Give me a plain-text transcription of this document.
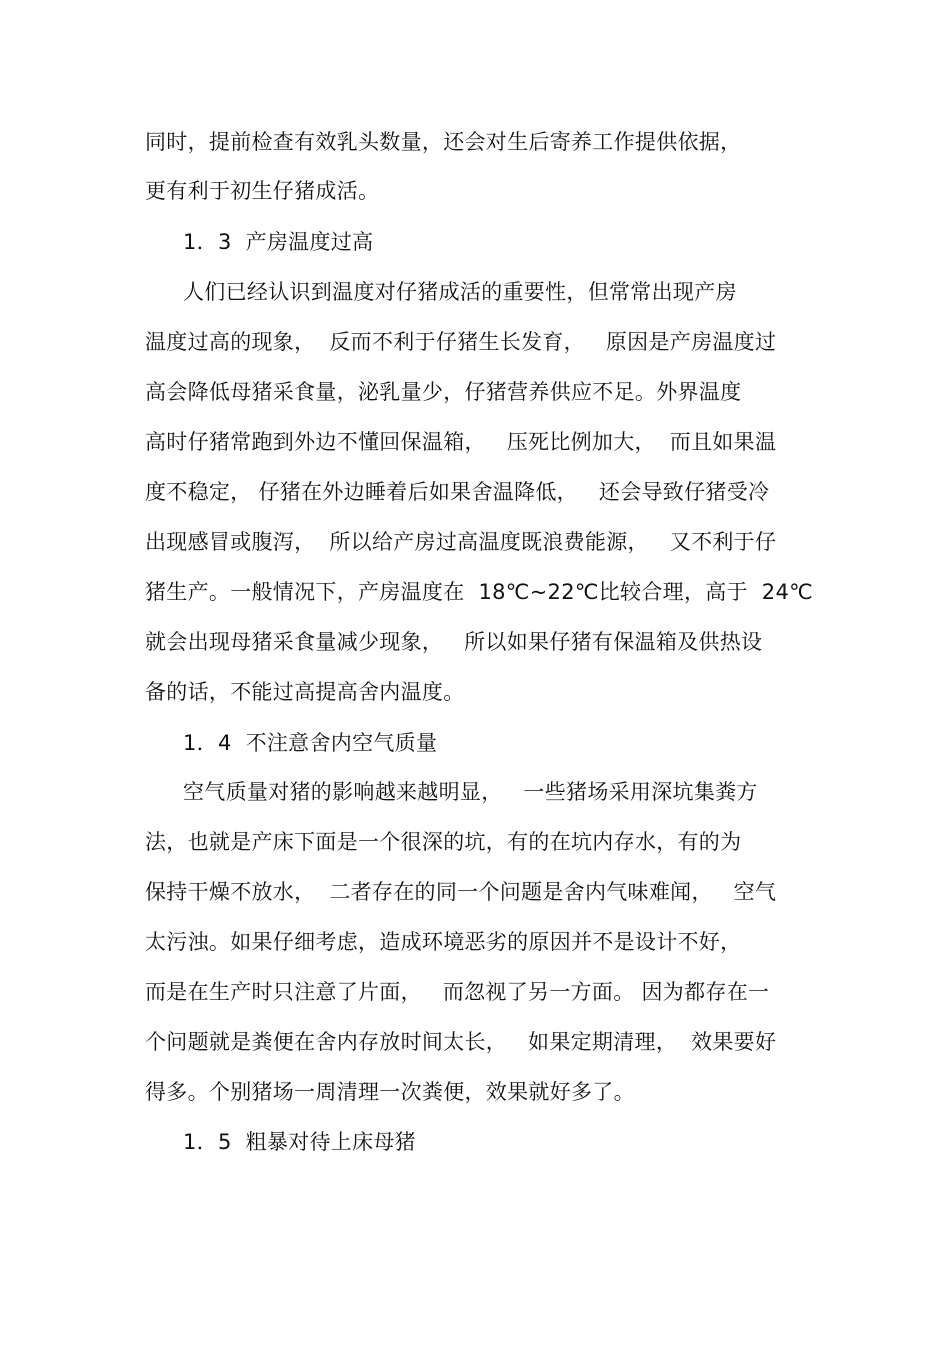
同时，提前检查有效乳头数量，还会对生后寄养工作提供依据，
更有利于初生仔猪成活。
1．3  产房温度过高
人们已经认识到温度对仔猪成活的重要性，但常常出现产房
温度过高的现象，  反而不利于仔猪生长发育，   原因是产房温度过
高会降低母猪采食量，泌乳量少，仔猪营养供应不足。外界温度
高时仔猪常跑到外边不懂回保温箱，   压死比例加大，  而且如果温
度不稳定， 仔猪在外边睡着后如果舍温降低，   还会导致仔猪受冷
出现感冒或腹泻，  所以给产房过高温度既浪费能源，   又不利于仔
猪生产。一般情况下，产房温度在  18℃~22℃比较合理，高于  24℃
就会出现母猪采食量减少现象，   所以如果仔猪有保温箱及供热设
备的话，不能过高提高舍内温度。
1．4  不注意舍内空气质量
空气质量对猪的影响越来越明显，   一些猪场采用深坑集粪方
法，也就是产床下面是一个很深的坑，有的在坑内存水，有的为
保持干燥不放水，  二者存在的同一个问题是舍内气味难闻，   空气
太污浊。如果仔细考虑，造成环境恶劣的原因并不是设计不好，
而是在生产时只注意了片面，   而忽视了另一方面。 因为都存在一
个问题就是粪便在舍内存放时间太长，   如果定期清理，  效果要好
得多。个别猪场一周清理一次粪便，效果就好多了。
1．5  粗暴对待上床母猪
